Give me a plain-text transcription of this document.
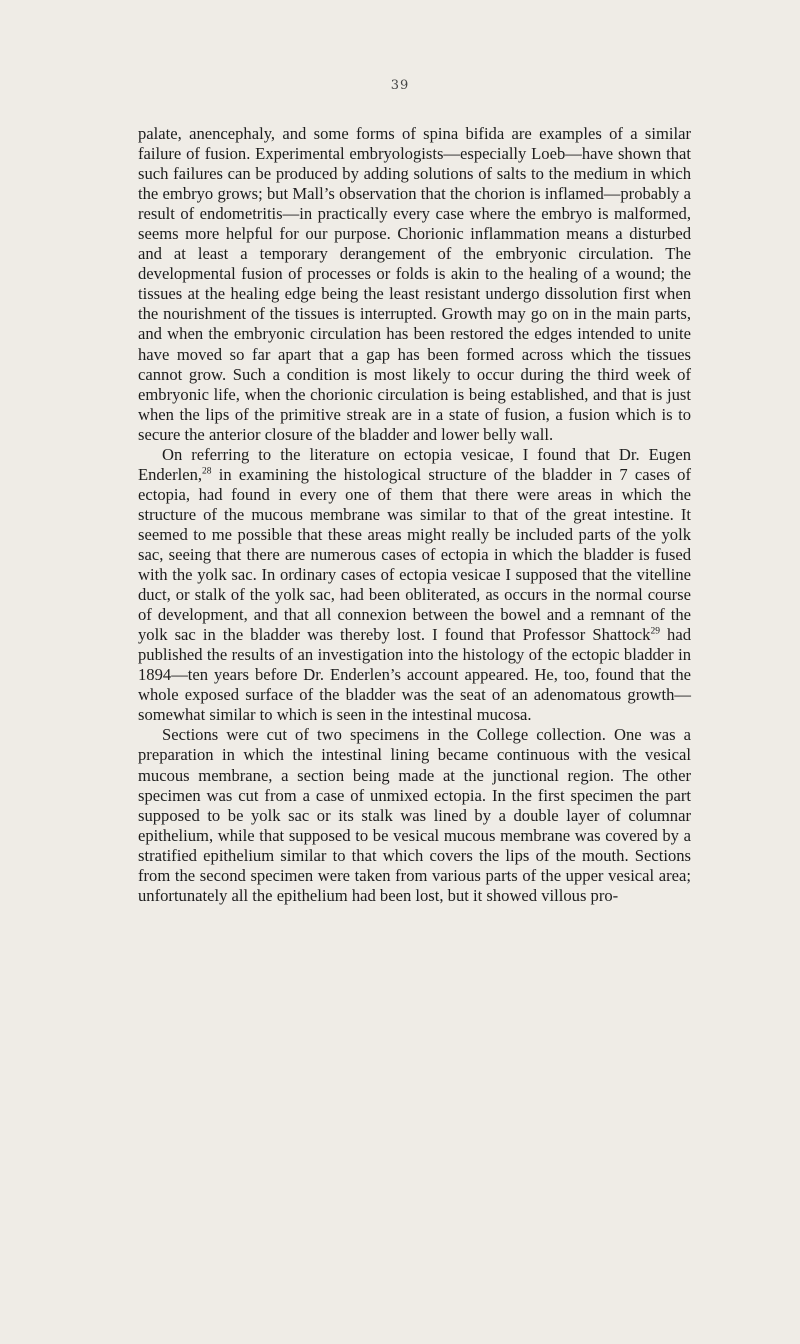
39

palate, anencephaly, and some forms of spina bifida are examples of a similar failure of fusion. Experimental embryologists—especially Loeb—have shown that such failures can be produced by adding solutions of salts to the medium in which the embryo grows; but Mall’s observation that the chorion is inflamed—probably a result of endometritis—in practically every case where the embryo is malformed, seems more helpful for our purpose. Chorionic inflammation means a disturbed and at least a temporary derangement of the embryonic circulation. The developmental fusion of processes or folds is akin to the healing of a wound; the tissues at the healing edge being the least resistant undergo dissolution first when the nourishment of the tissues is interrupted. Growth may go on in the main parts, and when the embryonic circulation has been restored the edges intended to unite have moved so far apart that a gap has been formed across which the tissues cannot grow. Such a condition is most likely to occur during the third week of embryonic life, when the chorionic circulation is being established, and that is just when the lips of the primitive streak are in a state of fusion, a fusion which is to secure the anterior closure of the bladder and lower belly wall.

On referring to the literature on ectopia vesicae, I found that Dr. Eugen Enderlen,$^{28}$ in examining the histological structure of the bladder in 7 cases of ectopia, had found in every one of them that there were areas in which the structure of the mucous membrane was similar to that of the great intestine. It seemed to me possible that these areas might really be included parts of the yolk sac, seeing that there are numerous cases of ectopia in which the bladder is fused with the yolk sac. In ordinary cases of ectopia vesicae I supposed that the vitelline duct, or stalk of the yolk sac, had been obliterated, as occurs in the normal course of development, and that all connexion between the bowel and a remnant of the yolk sac in the bladder was thereby lost. I found that Professor Shattock$^{29}$ had published the results of an investigation into the histology of the ectopic bladder in 1894—ten years before Dr. Enderlen’s account appeared. He, too, found that the whole exposed surface of the bladder was the seat of an adenomatous growth—somewhat similar to which is seen in the intestinal mucosa.

Sections were cut of two specimens in the College collection. One was a preparation in which the intestinal lining became continuous with the vesical mucous membrane, a section being made at the junctional region. The other specimen was cut from a case of unmixed ectopia. In the first specimen the part supposed to be yolk sac or its stalk was lined by a double layer of columnar epithelium, while that supposed to be vesical mucous membrane was covered by a stratified epithelium similar to that which covers the lips of the mouth. Sections from the second specimen were taken from various parts of the upper vesical area; unfortunately all the epithelium had been lost, but it showed villous pro-
